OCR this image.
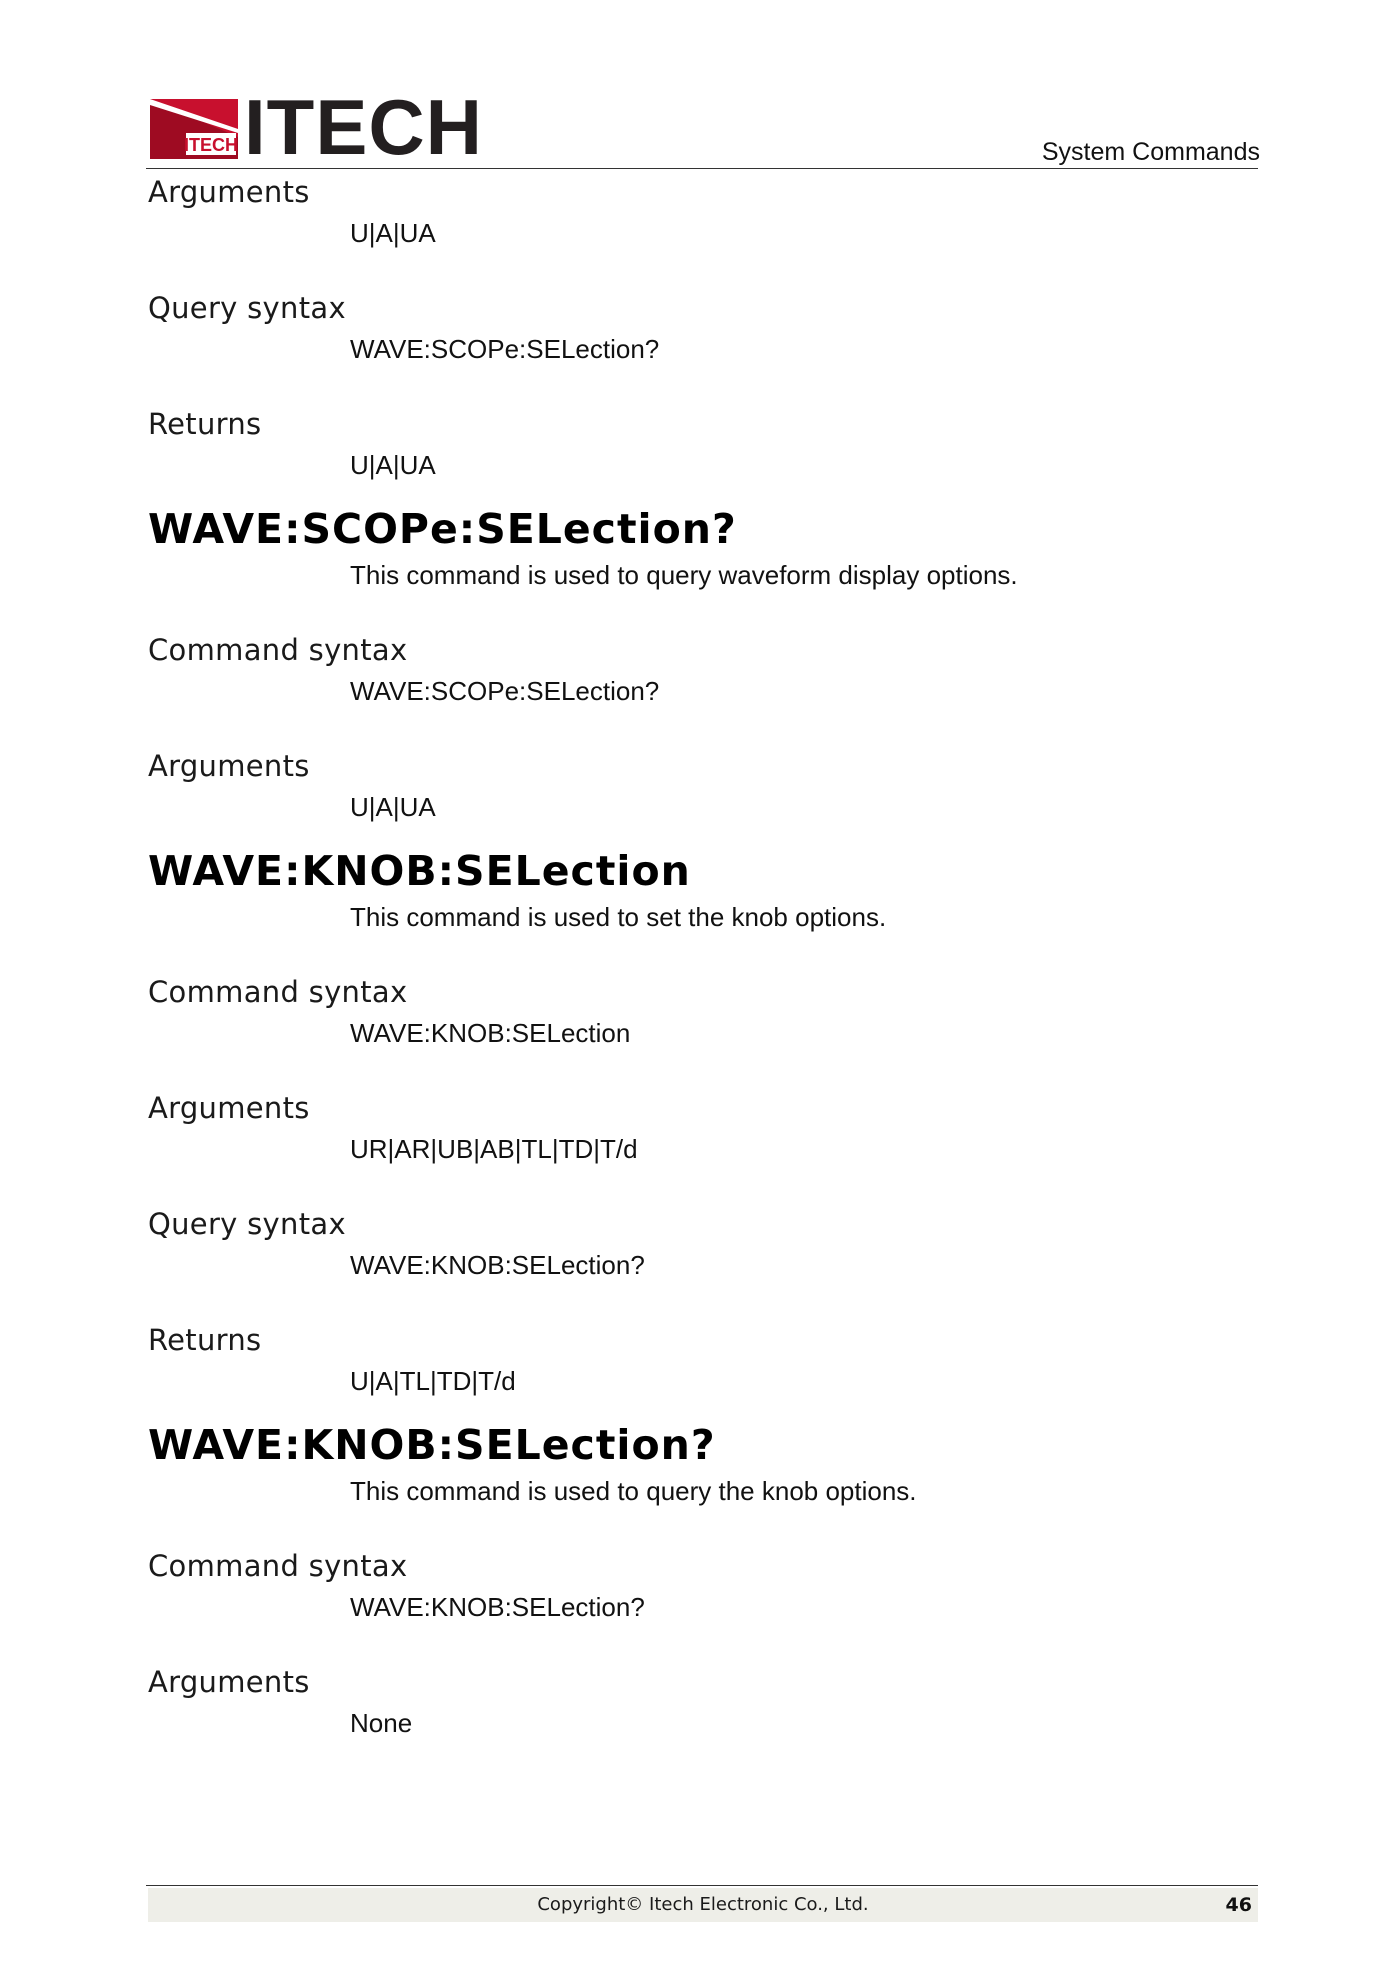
ITECH ITECH	System Commands
Arguments
U|A|UA
Query syntax
WAVE:SCOPe:SELection?
Returns
U|A|UA
WAVE:SCOPe:SELection?
This command is used to query waveform display options.
Command syntax
WAVE:SCOPe:SELection?
Arguments
U|A|UA
WAVE:KNOB:SELection
This command is used to set the knob options.
Command syntax
WAVE:KNOB:SELection
Arguments
UR|AR|UB|AB|TL|TD|T/d
Query syntax
WAVE:KNOB:SELection?
Returns
U|A|TL|TD|T/d
WAVE:KNOB:SELection?
This command is used to query the knob options.
Command syntax
WAVE:KNOB:SELection?
Arguments
None
Copyright© Itech Electronic Co., Ltd.	46
